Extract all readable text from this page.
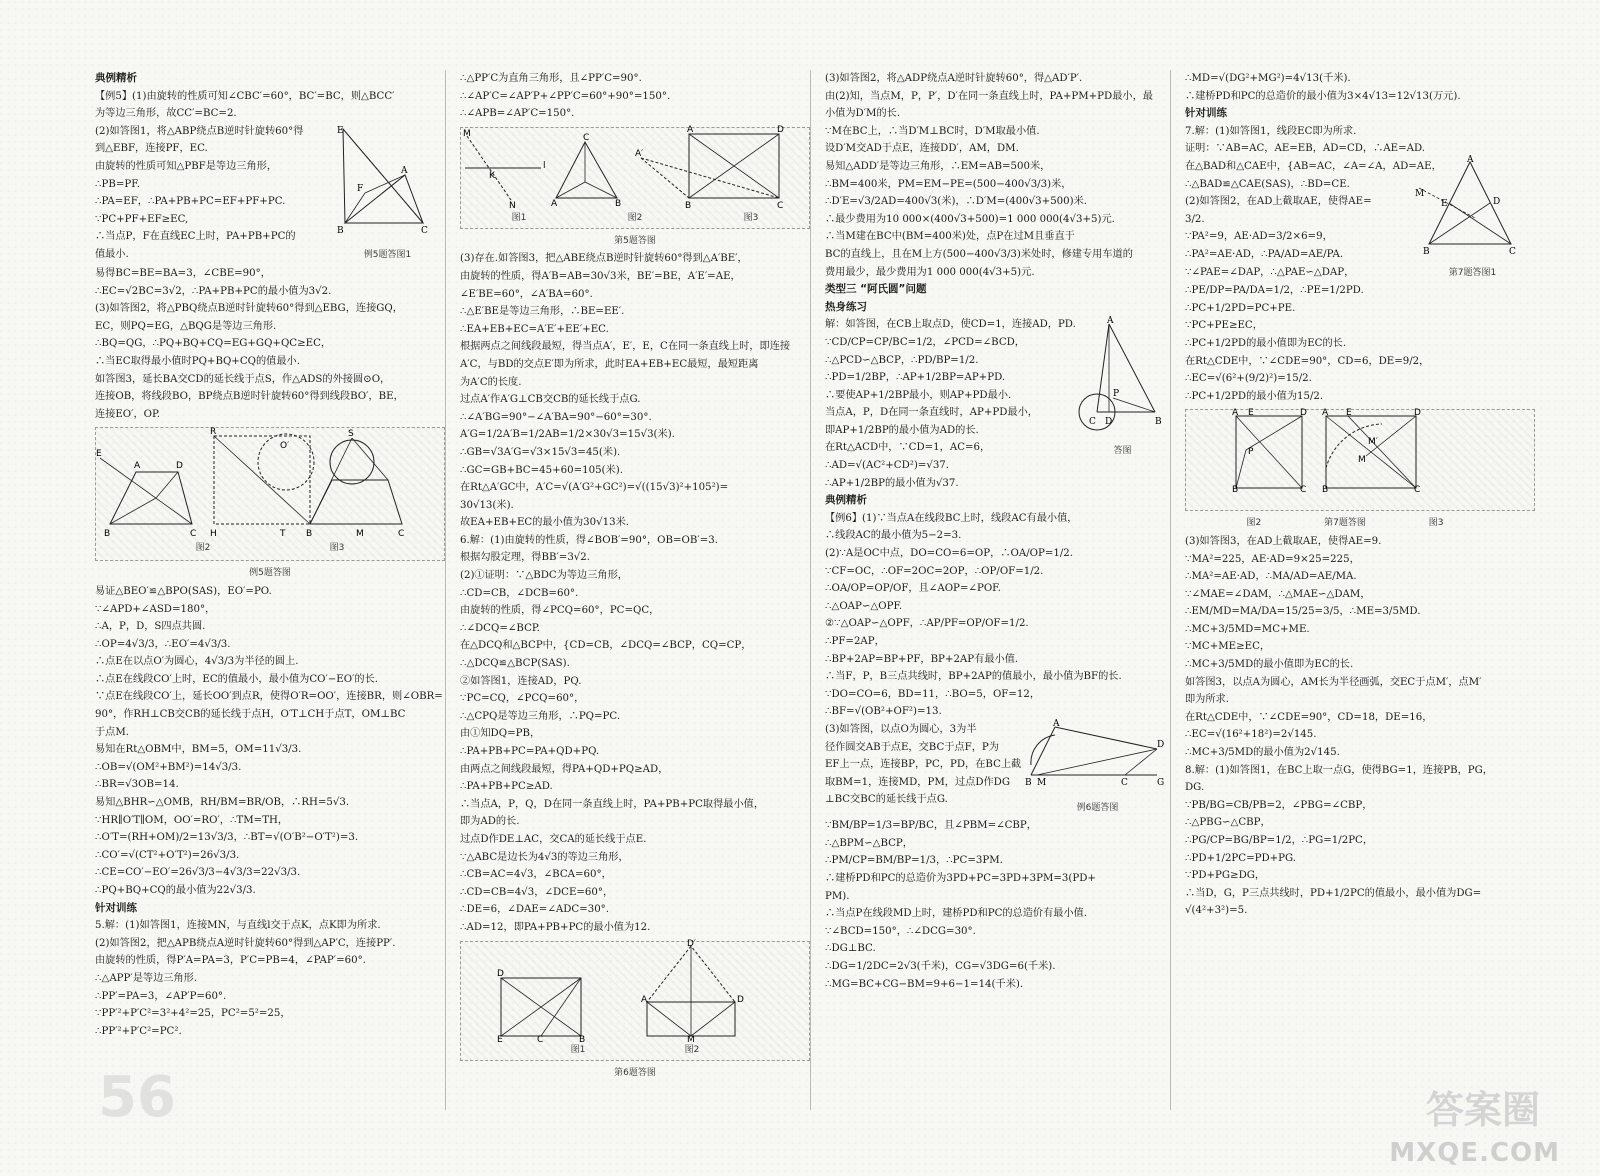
典例精析
【例5】(1)由旋转的性质可知∠CBC′=60°，BC′=BC，则△BCC′
为等边三角形，故CC′=BC=2.
(2)如答图1，将△ABP绕点B逆时针旋转60°得
到△EBF，连接PF，EC.
由旋转的性质可知△PBF是等边三角形，
∴PB=PF.
∴PA=EF，∴PA+PB+PC=EF+PF+PC.
∵PC+PF+EF≥EC,
∴当点P，F在直线EC上时，PA+PB+PC的
值最小.
E
F
A
B	C
例5题答图1
易得BC=BE=BA=3，∠CBE=90°，
∴EC=√2BC=3√2，∴PA+PB+PC的最小值为3√2.
(3)如答图2，将△PBQ绕点B逆时针旋转60°得到△EBG，连接GQ，
EC，则PQ=EG，△BQG是等边三角形.
∴BQ=QG，∴PQ+BQ+CQ=EG+GQ+QC≥EC，
∴当EC取得最小值时PQ+BQ+CQ的值最小.
如答图3，延长BA交CD的延长线于点S，作△ADS的外接圆⊙O，
连接OB，将线段BO，BP绕点B逆时针旋转60°得到线段BO′，BE，
连接EO′，OP.
E
A	D
B	C
R
O′
S
H	T B	M	C
图2	图3
例5题答图
易证△BEO′≌△BPO(SAS)，EO′=PO.
∵∠APD+∠ASD=180°，
∴A，P，D，S四点共圆.
∴OP=4√3/3，∴EO′=4√3/3.
∴点E在以点O′为圆心，4√3/3为半径的圆上.
∴点E在线段CO′上时，EC的值最小，最小值为CO′−EO′的长.
∵点E在线段CO′上，延长OO′到点R，使得O′R=OO′，连接BR，则∠OBR=
90°，作RH⊥CB交CB的延长线于点H，O′T⊥CH于点T，OM⊥BC
于点M.
易知在Rt△OBM中，BM=5，OM=11√3/3.
∴OB=√(OM²+BM²)=14√3/3.
∴BR=√3OB=14.
易知△BHR∽△OMB，RH/BM=BR/OB，∴RH=5√3.
∵HR∥O′T∥OM，OO′=RO′，∴TM=TH，
∴O′T=(RH+OM)/2=13√3/3，∴BT=√(O′B²−O′T²)=3.
∴CO′=√(CT²+O′T²)=26√3/3.
∴CE=CO′−EO′=26√3/3−4√3/3=22√3/3.
∴PQ+BQ+CQ的最小值为22√3/3.
针对训练
5.解：(1)如答图1，连接MN，与直线l交于点K，点K即为所求.
(2)如答图2，把△APB绕点A逆时针旋转60°得到△AP′C，连接PP′.
由旋转的性质，得P′A=PA=3，P′C=PB=4，∠PAP′=60°.
∴△APP′是等边三角形.
∴PP′=PA=3，∠AP′P=60°.
∵PP′²+P′C²=3²+4²=25，PC²=5²=25，
∴PP′²+P′C²=PC².
∴△PP′C为直角三角形，且∠PP′C=90°.
∴∠AP′C=∠AP′P+∠PP′C=60°+90°=150°.
∴∠APB=∠AP′C=150°.
M
N
l
K
C
A	B
A′
A	D
B	C
图1	图2	图3
第5题答图
(3)存在.如答图3，把△ABE绕点B逆时针旋转60°得到△A′BE′，
由旋转的性质，得A′B=AB=30√3米，BE′=BE，A′E′=AE，
∠E′BE=60°，∠A′BA=60°.
∴△E′BE是等边三角形，∴BE=EE′.
∴EA+EB+EC=A′E′+EE′+EC.
根据两点之间线段最短，得当点A′，E′，E，C在同一条直线上时，即连接
A′C，与BD的交点E′即为所求，此时EA+EB+EC最短，最短距离
为A′C的长度.
过点A′作A′G⊥CB交CB的延长线于点G.
∴∠A′BG=90°−∠A′BA=90°−60°=30°.
A′G=1/2A′B=1/2AB=1/2×30√3=15√3(米).
∴GB=√3A′G=√3×15√3=45(米).
∴GC=GB+BC=45+60=105(米).
在Rt△A′GC中，A′C=√(A′G²+GC²)=√((15√3)²+105²)=
30√13(米).
故EA+EB+EC的最小值为30√13米.
6.解：(1)由旋转的性质，得∠BOB′=90°，OB=OB′=3.
根据勾股定理，得BB′=3√2.
(2)①证明：∵△BDC为等边三角形，
∴CD=CB，∠DCB=60°.
由旋转的性质，得∠PCQ=60°，PC=QC，
∴∠DCQ=∠BCP.
在△DCQ和△BCP中，{CD=CB，∠DCQ=∠BCP，CQ=CP，
∴△DCQ≌△BCP(SAS).
②如答图1，连接AD，PQ.
∵PC=CQ，∠PCQ=60°，
∴△CPQ是等边三角形，∴PQ=PC.
由①知DQ=PB，
∴PA+PB+PC=PA+QD+PQ.
由两点之间线段最短，得PA+QD+PQ≥AD，
∴PA+PB+PC≥AD.
∴当点A，P，Q，D在同一条直线上时，PA+PB+PC取得最小值，
即为AD的长.
过点D作DE⊥AC，交CA的延长线于点E.
∵△ABC是边长为4√3的等边三角形，
∴CB=AC=4√3，∠BCA=60°，
∴CD=CB=4√3，∠DCE=60°，
∴DE=6，∠DAE=∠ADC=30°.
∴AD=12，即PA+PB+PC的最小值为12.
D
E	C	B
D′
A	D
M
图1	图2
第6题答图
(3)如答图2，将△ADP绕点A逆时针旋转60°，得△AD′P′.
由(2)知，当点M，P，P′，D′在同一条直线上时，PA+PM+PD最小，最
小值为D′M的长.
∵M在BC上，∴当D′M⊥BC时，D′M取最小值.
设D′M交AD于点E，连接DD′，AM，DM.
易知△ADD′是等边三角形，∴EM=AB=500米，
∴BM=400米，PM=EM−PE=(500−400√3/3)米，
∴D′E=√3/2AD=400√3(米)，∴D′M=(400√3+500)米.
∴最少费用为10 000×(400√3+500)=1 000 000(4√3+5)元.
∴当M建在BC中(BM=400米)处，点P在过M且垂直于
BC的直线上，且在M上方(500−400√3/3)米处时，修建专用车道的
费用最少，最少费用为1 000 000(4√3+5)元.
类型三 “阿氏圆”问题
热身练习
解：如答图，在CB上取点D，使CD=1，连接AD，PD.
∵CD/CP=CP/BC=1/2，∠PCD=∠BCD，
∴△PCD∽△BCP，∴PD/BP=1/2.
∴PD=1/2BP，∴AP+1/2BP=AP+PD.
∴要使AP+1/2BP最小，则AP+PD最小.
当点A，P，D在同一条直线时，AP+PD最小，
即AP+1/2BP的最小值为AD的长.
在Rt△ACD中，∵CD=1，AC=6，
∴AD=√(AC²+CD²)=√37.
∴AP+1/2BP的最小值为√37.
A
P
C D	B
答图
典例精析
【例6】(1)∵当点A在线段BC上时，线段AC有最小值，
∴线段AC的最小值为5−2=3.
(2)∵A是OC中点，DO=CO=6=OP，∴OA/OP=1/2.
∵CF=OC，∴OF=2OC=2OP，∴OP/OF=1/2.
∴OA/OP=OP/OF，且∠AOP=∠POF.
∴△OAP∽△OPF.
②∵△OAP∽△OPF，∴AP/PF=OP/OF=1/2.
∴PF=2AP，
∴BP+2AP=BP+PF，BP+2AP有最小值.
∴当F，P，B三点共线时，BP+2AP的值最小，最小值为BF的长.
∵DO=CO=6，BD=11，∴BO=5，OF=12，
∴BF=√(OB²+OF²)=13.
(3)如答图，以点O为圆心，3为半
径作圆交AB于点E，交BC于点F，P为
EF上一点，连接BP，PC，PD，在BC上截
取BM=1，连接MD，PM，过点D作DG
⊥BC交BC的延长线于点G.
A
D
B M	C	G
例6题答图
∵BM/BP=1/3=BP/BC，且∠PBM=∠CBP，
∴△BPM∽△BCP，
∴PM/CP=BM/BP=1/3，∴PC=3PM.
∴建桥PD和PC的总造价为3PD+PC=3PD+3PM=3(PD+
PM).
∴当点P在线段MD上时，建桥PD和PC的总造价有最小值.
∵∠BCD=150°，∴∠DCG=30°.
∴DG⊥BC.
∴DG=1/2DC=2√3(千米)，CG=√3DG=6(千米).
∴MG=BC+CG−BM=9+6−1=14(千米).
∴MD=√(DG²+MG²)=4√13(千米).
∴建桥PD和PC的总造价的最小值为3×4√13=12√13(万元).
针对训练
7.解：(1)如答图1，线段EC即为所求.
证明：∵AB=AC，AE=EB，AD=CD，∴AE=AD.
在△BAD和△CAE中，{AB=AC，∠A=∠A，AD=AE，
∴△BAD≌△CAE(SAS)，∴BD=CE.
(2)如答图2，在AD上截取AE，使得AE=
3/2.
∵PA²=9，AE·AD=3/2×6=9，
∴PA²=AE·AD，∴PA/AD=AE/PA.
∵∠PAE=∠DAP，∴△PAE∽△DAP，
A
M
E	D
B	C
第7题答图1
∴PE/DP=PA/DA=1/2，∴PE=1/2PD.
∴PC+1/2PD=PC+PE.
∵PC+PE≥EC，
∴PC+1/2PD的最小值即为EC的长.
在Rt△CDE中，∵∠CDE=90°，CD=6，DE=9/2，
∴EC=√(6²+(9/2)²)=15/2.
∴PC+1/2PD的最小值为15/2.
A E	D
P
B	C
A E	D
M′
M
B	C
图2	第7题答图	图3
(3)如答图3，在AD上截取AE，使得AE=9.
∵MA²=225，AE·AD=9×25=225，
∴MA²=AE·AD，∴MA/AD=AE/MA.
∵∠MAE=∠DAM，∴△MAE∽△DAM，
∴EM/MD=MA/DA=15/25=3/5，∴ME=3/5MD.
∴MC+3/5MD=MC+ME.
∵MC+ME≥EC，
∴MC+3/5MD的最小值即为EC的长.
如答图3，以点A为圆心，AM长为半径画弧，交EC于点M′，点M′
即为所求.
在Rt△CDE中，∵∠CDE=90°，CD=18，DE=16，
∴EC=√(16²+18²)=2√145.
∴MC+3/5MD的最小值为2√145.
8.解：(1)如答图1，在BC上取一点G，使得BG=1，连接PB，PG，
DG.
∵PB/BG=CB/PB=2，∠PBG=∠CBP，
∴△PBG∽△CBP，
∴PG/CP=BG/BP=1/2，∴PG=1/2PC，
∴PD+1/2PC=PD+PG.
∵PD+PG≥DG，
∴当D，G，P三点共线时，PD+1/2PC的值最小，最小值为DG=
√(4²+3²)=5.
56	答案圈
MXQE.COM
